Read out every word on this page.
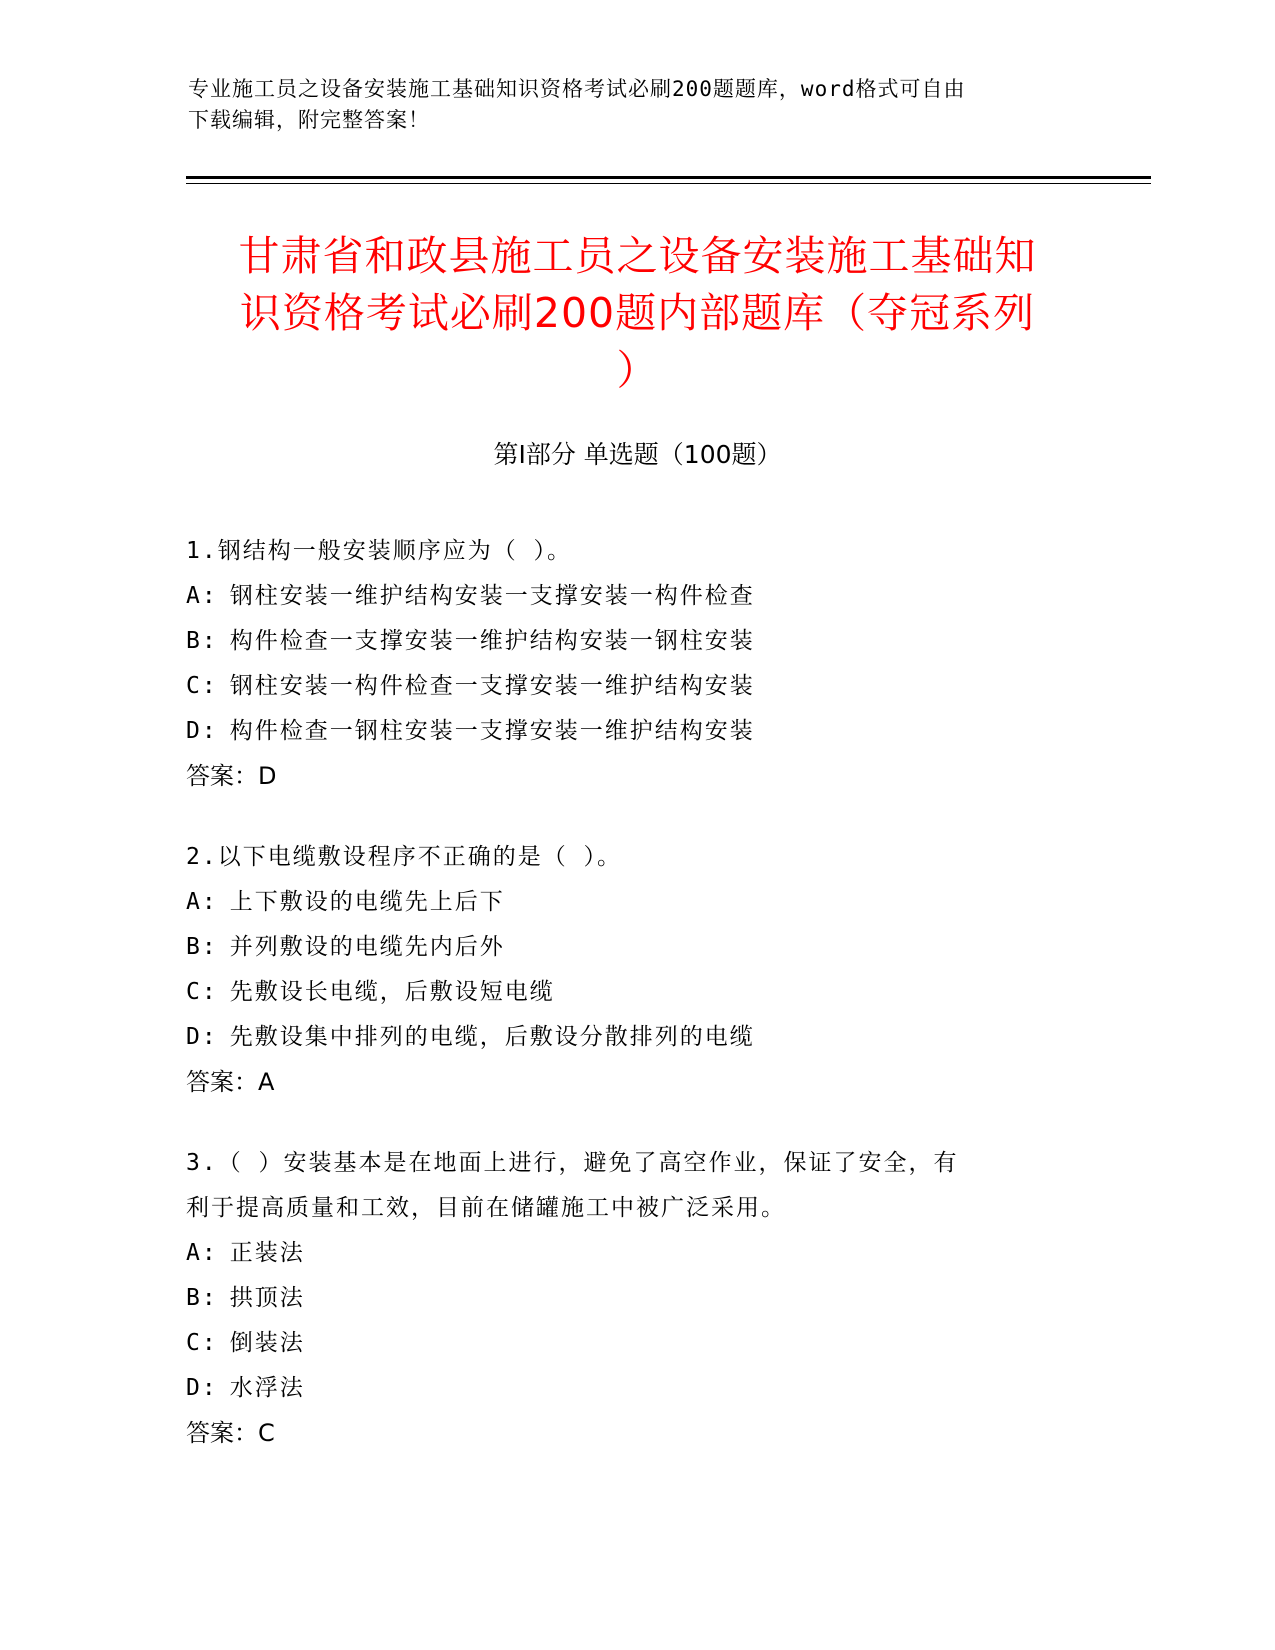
专业施工员之设备安装施工基础知识资格考试必刷200题题库，word格式可自由
下载编辑，附完整答案！
甘肃省和政县施工员之设备安装施工基础知
识资格考试必刷200题内部题库（夺冠系列
）
第Ⅰ部分 单选题（100题）
1.钢结构一般安装顺序应为（ ）。
A: 钢柱安装一维护结构安装一支撑安装一构件检查
B: 构件检查一支撑安装一维护结构安装一钢柱安装
C: 钢柱安装一构件检查一支撑安装一维护结构安装
D: 构件检查一钢柱安装一支撑安装一维护结构安装
答案：D
2.以下电缆敷设程序不正确的是（ ）。
A: 上下敷设的电缆先上后下
B: 并列敷设的电缆先内后外
C: 先敷设长电缆，后敷设短电缆
D: 先敷设集中排列的电缆，后敷设分散排列的电缆
答案：A
3.（ ）安装基本是在地面上进行，避免了高空作业，保证了安全，有
利于提高质量和工效，目前在储罐施工中被广泛采用。
A: 正装法
B: 拱顶法
C: 倒装法
D: 水浮法
答案：C
